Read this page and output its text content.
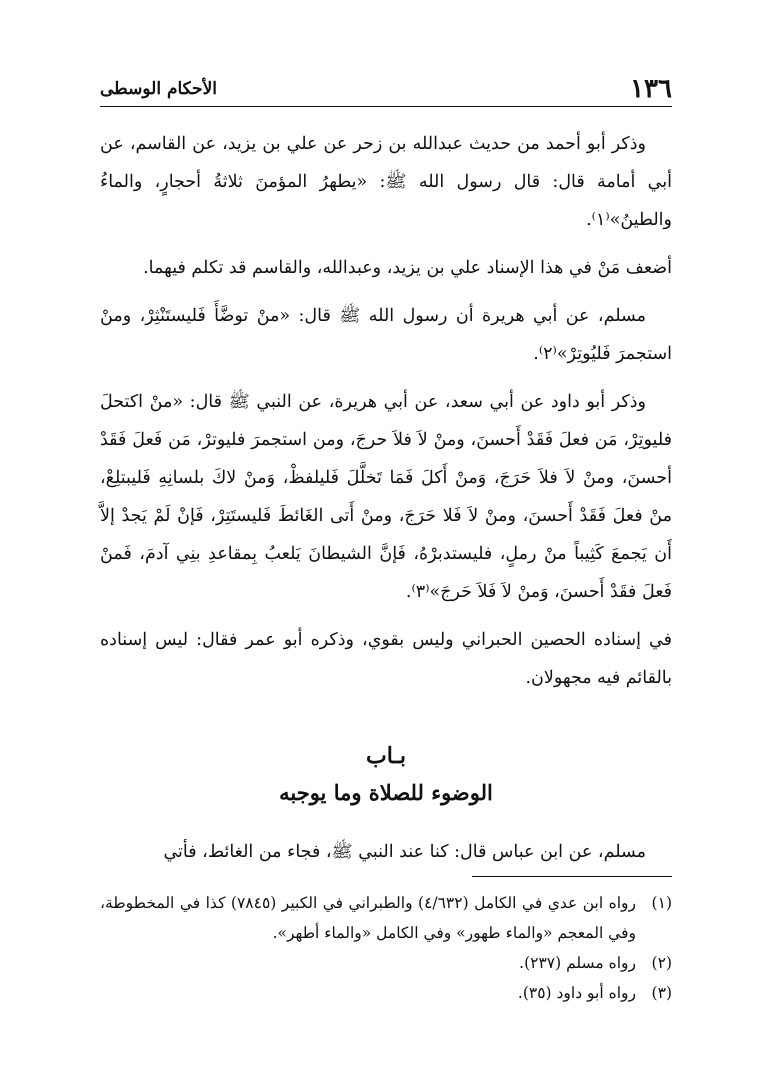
١٣٦
الأحكام الوسطى

وذكر أبو أحمد من حديث عبدالله بن زحر عن علي بن يزيد، عن القاسم، عن أبي أمامة قال: قال رسول الله ﷺ: «يطهرُ المؤمنَ ثلاثةُ أحجارٍ، والماءُ والطينُ»⁽١⁾.

أضعف مَنْ في هذا الإسناد علي بن يزيد، وعبدالله، والقاسم قد تكلم فيهما.

مسلم، عن أبي هريرة أن رسول الله ﷺ قال: «منْ توضَّأَ فَليستَنْثِرْ، ومنْ استجمرَ فَليُوتِرْ»⁽٢⁾.

وذكر أبو داود عن أبي سعد، عن أبي هريرة، عن النبي ﷺ قال: «منْ اكتحلَ فليوتِرْ، مَن فعلَ فَقَدْ أَحسنَ، ومنْ لاَ فلاَ حرجَ، ومن استجمرَ فليوترْ، مَن فَعلَ فَقَدْ أحسنَ، ومنْ لاَ فلاَ حَرَجَ، وَمنْ أَكلَ فَمَا تَخلَّلَ فَليلفظْ، وَمنْ لاكَ بلسانِهِ فَليبتلِعْ، منْ فعلَ فَقَدْ أَحسنَ، ومنْ لاَ فَلا حَرَجَ، ومنْ أَتى الغَائطَ فَليستَتِرْ، فَإنْ لَمْ يَجدْ إلاَّ أَن يَجمعَ كَثِيباً منْ رملٍ، فليستدبرْهُ، فَإنَّ الشيطانَ يَلعبُ بِمقاعدِ بنِي آدمَ، فَمنْ فَعلَ فقَدْ أَحسنَ، وَمنْ لاَ فَلاَ حَرجَ»⁽٣⁾.

في إسناده الحصين الحبراني وليس بقوي، وذكره أبو عمر فقال: ليس إسناده بالقائم فيه مجهولان.

بـاب
الوضوء للصلاة وما يوجبه

مسلم، عن ابن عباس قال: كنا عند النبي ﷺ، فجاء من الغائط، فأتي

(١)
رواه ابن عدي في الكامل (٤/٦٣٢) والطبراني في الكبير (٧٨٤٥) كذا في المخطوطة، وفي المعجم «والماء طهور» وفي الكامل «والماء أطهر».
(٢)
رواه مسلم (٢٣٧).
(٣)
رواه أبو داود (٣٥).
